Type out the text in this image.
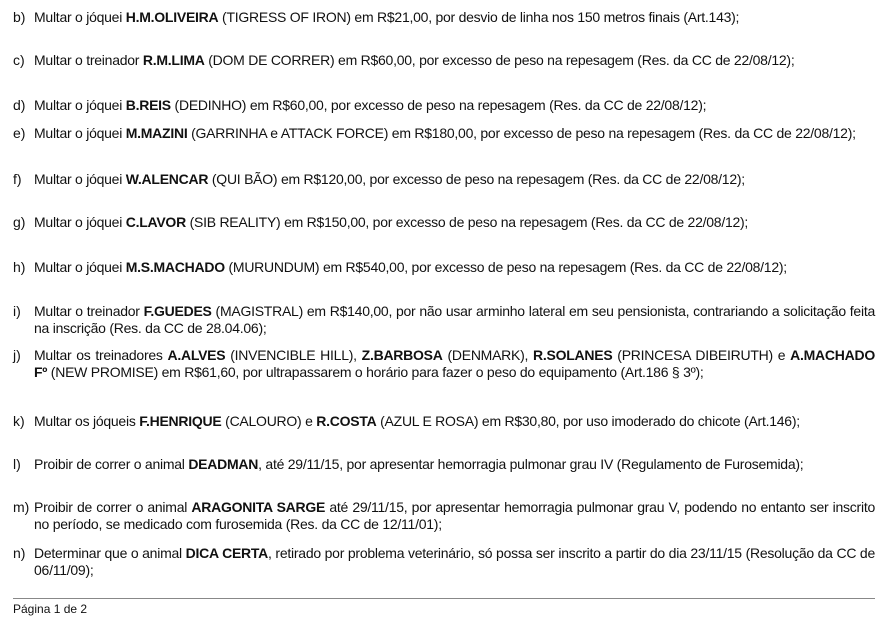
b) Multar o jóquei H.M.OLIVEIRA (TIGRESS OF IRON) em R$21,00, por desvio de linha nos 150 metros finais (Art.143);
c) Multar o treinador R.M.LIMA (DOM DE CORRER) em R$60,00, por excesso de peso na repesagem (Res. da CC de 22/08/12);
d) Multar o jóquei B.REIS (DEDINHO) em R$60,00, por excesso de peso na repesagem (Res. da CC de 22/08/12);
e) Multar o jóquei M.MAZINI (GARRINHA e ATTACK FORCE) em R$180,00, por excesso de peso na repesagem (Res. da CC de 22/08/12);
f) Multar o jóquei W.ALENCAR (QUI BÃO) em R$120,00, por excesso de peso na repesagem (Res. da CC de 22/08/12);
g) Multar o jóquei C.LAVOR (SIB REALITY) em R$150,00, por excesso de peso na repesagem (Res. da CC de 22/08/12);
h) Multar o jóquei M.S.MACHADO (MURUNDUM) em R$540,00, por excesso de peso na repesagem (Res. da CC de 22/08/12);
i) Multar o treinador F.GUEDES (MAGISTRAL) em R$140,00, por não usar arminho lateral em seu pensionista, contrariando a solicitação feita na inscrição (Res. da CC de 28.04.06);
j) Multar os treinadores A.ALVES (INVENCIBLE HILL), Z.BARBOSA (DENMARK), R.SOLANES (PRINCESA DIBEIRUTH) e A.MACHADO Fº (NEW PROMISE) em R$61,60, por ultrapassarem o horário para fazer o peso do equipamento (Art.186 § 3º);
k) Multar os jóqueis F.HENRIQUE (CALOURO) e R.COSTA (AZUL E ROSA) em R$30,80, por uso imoderado do chicote (Art.146);
l) Proibir de correr o animal DEADMAN, até 29/11/15, por apresentar hemorragia pulmonar grau IV (Regulamento de Furosemida);
m) Proibir de correr o animal ARAGONITA SARGE até 29/11/15, por apresentar hemorragia pulmonar grau V, podendo no entanto ser inscrito no período, se medicado com furosemida (Res. da CC de 12/11/01);
n) Determinar que o animal DICA CERTA, retirado por problema veterinário, só possa ser inscrito a partir do dia 23/11/15 (Resolução da CC de 06/11/09);
Página 1 de 2
